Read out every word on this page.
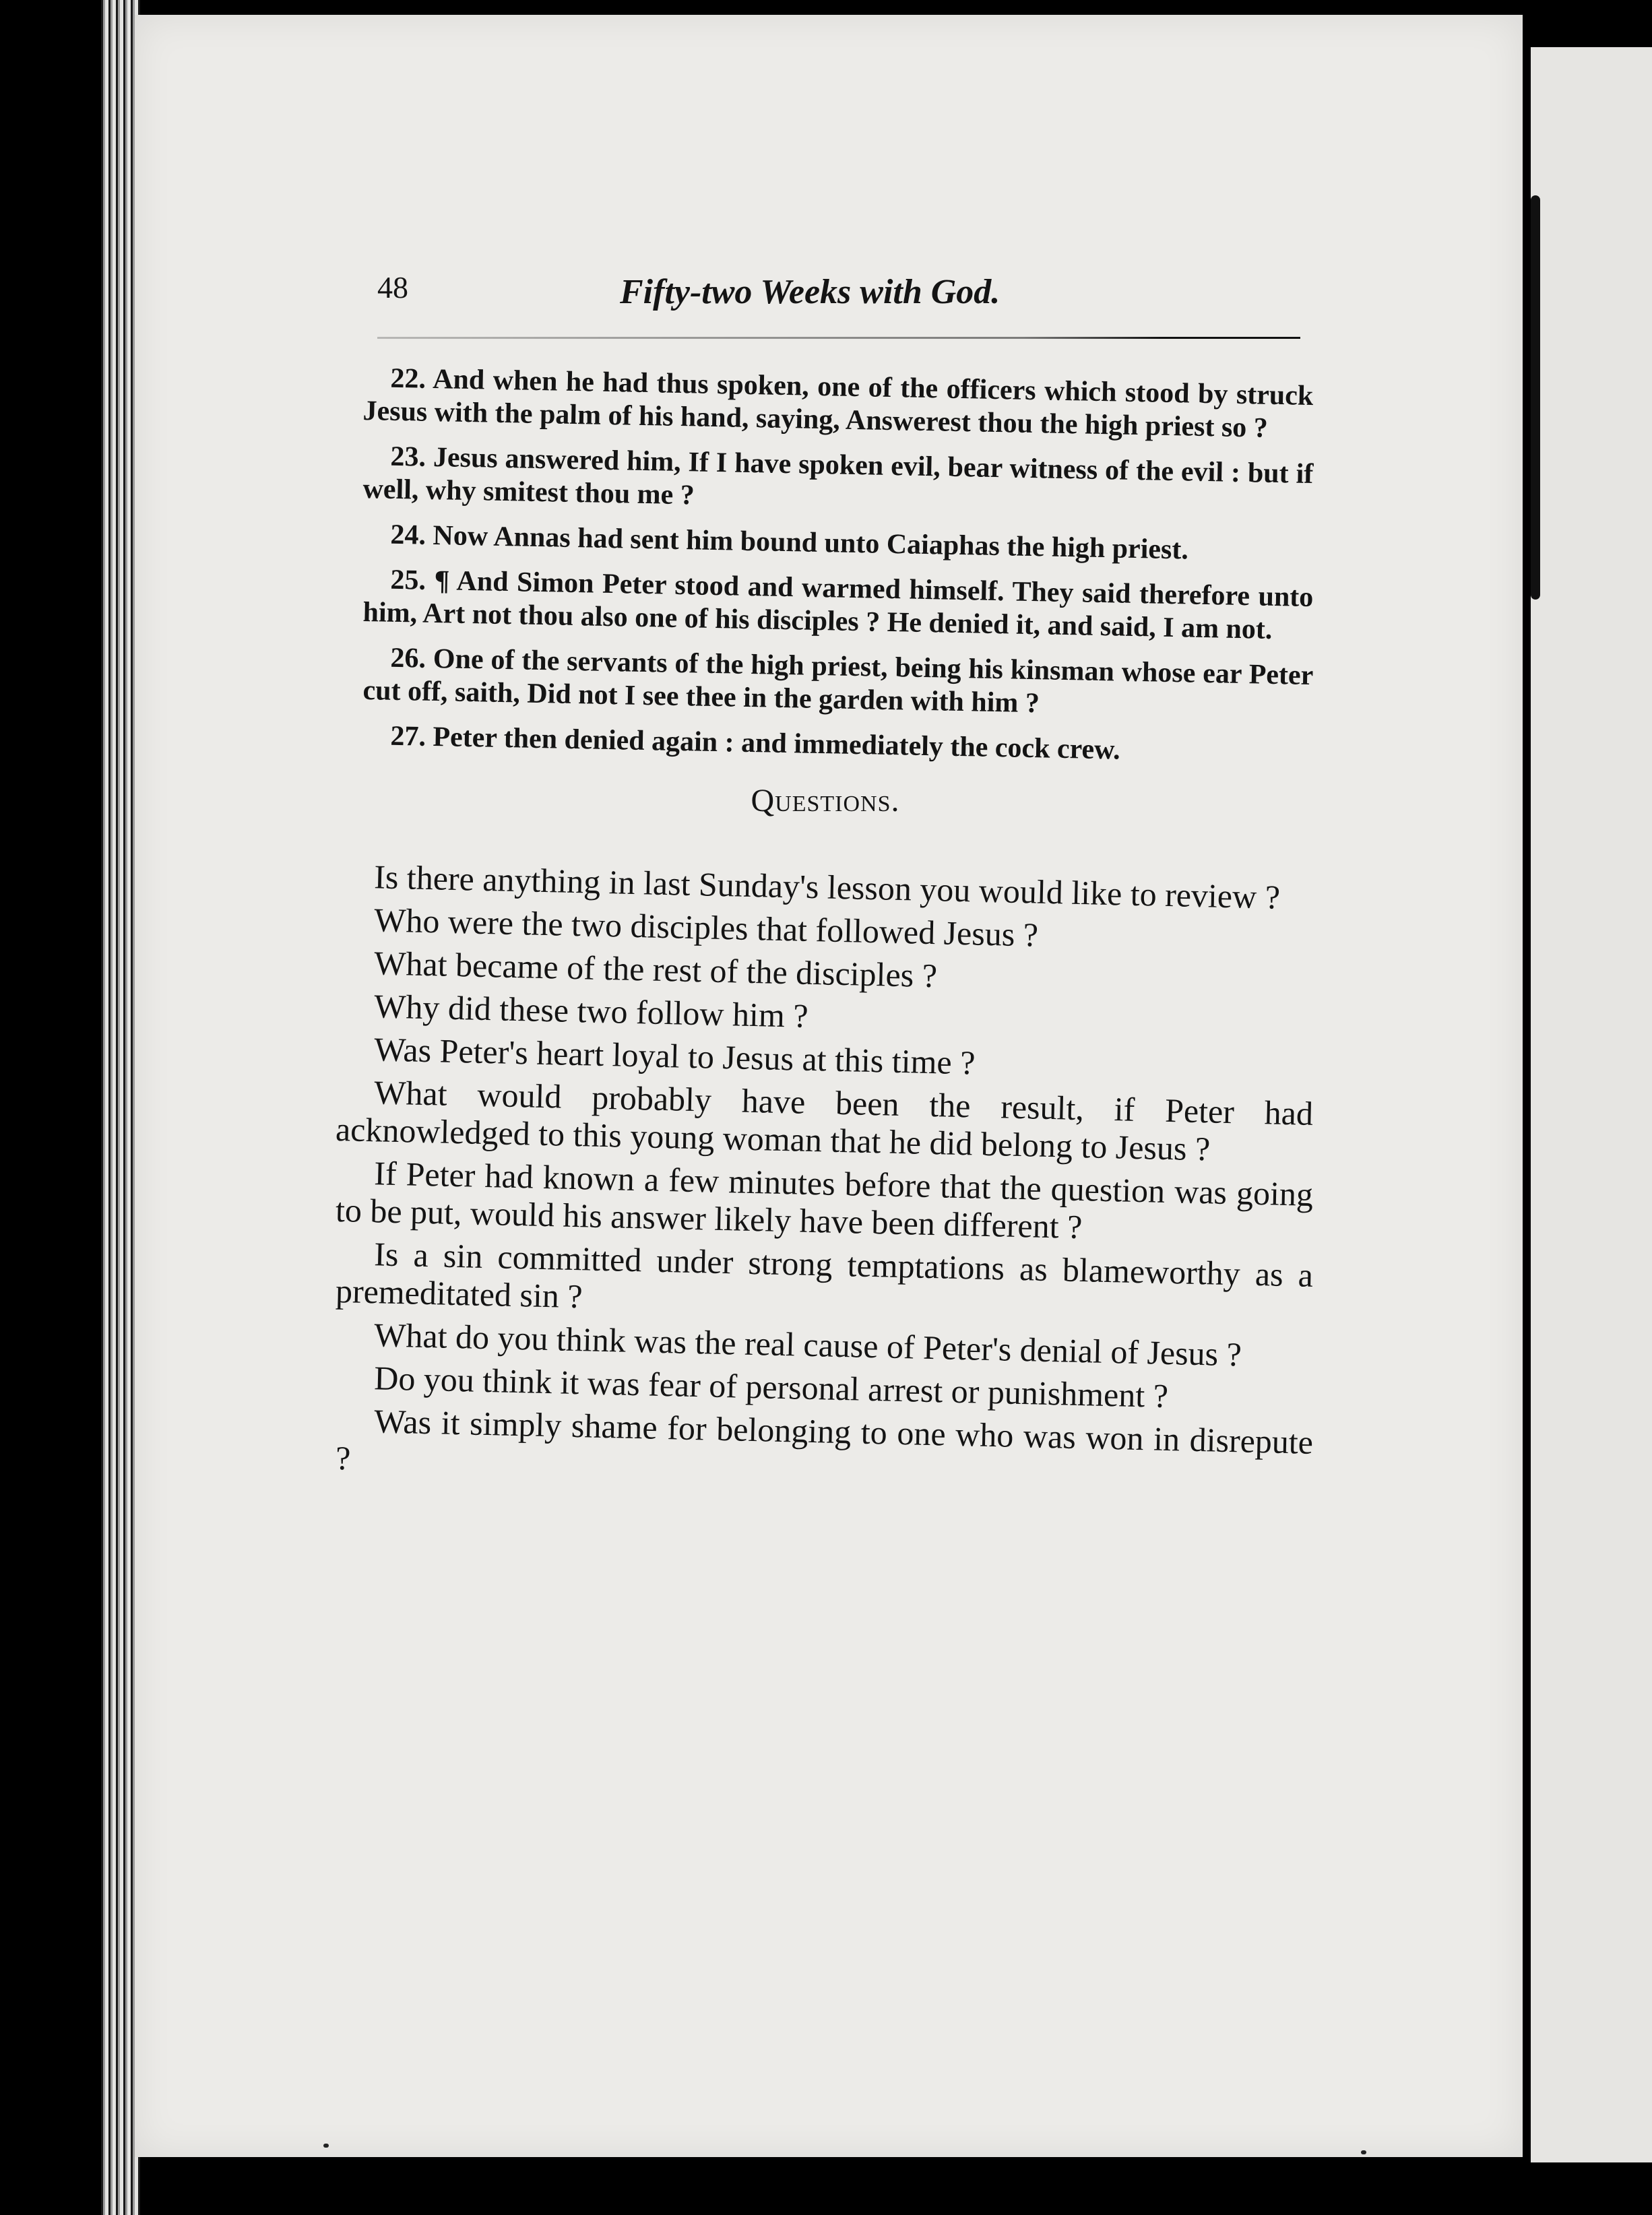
48	Fifty-two Weeks with God.

22. And when he had thus spoken, one of the officers which stood by struck Jesus with the palm of his hand, saying, Answerest thou the high priest so ?

23. Jesus answered him, If I have spoken evil, bear witness of the evil : but if well, why smitest thou me ?

24. Now Annas had sent him bound unto Caiaphas the high priest.

25. ¶ And Simon Peter stood and warmed himself. They said therefore unto him, Art not thou also one of his disciples ? He denied it, and said, I am not.

26. One of the servants of the high priest, being his kinsman whose ear Peter cut off, saith, Did not I see thee in the garden with him ?

27. Peter then denied again : and immediately the cock crew.

Questions.

Is there anything in last Sunday's lesson you would like to review ?

Who were the two disciples that followed Jesus ?

What became of the rest of the disciples ?

Why did these two follow him ?

Was Peter's heart loyal to Jesus at this time ?

What would probably have been the result, if Peter had acknowledged to this young woman that he did belong to Jesus ?

If Peter had known a few minutes before that the question was going to be put, would his answer likely have been different ?

Is a sin committed under strong temptations as blameworthy as a premeditated sin ?

What do you think was the real cause of Peter's denial of Jesus ?

Do you think it was fear of personal arrest or punishment ?

Was it simply shame for belonging to one who was won in disrepute ?
